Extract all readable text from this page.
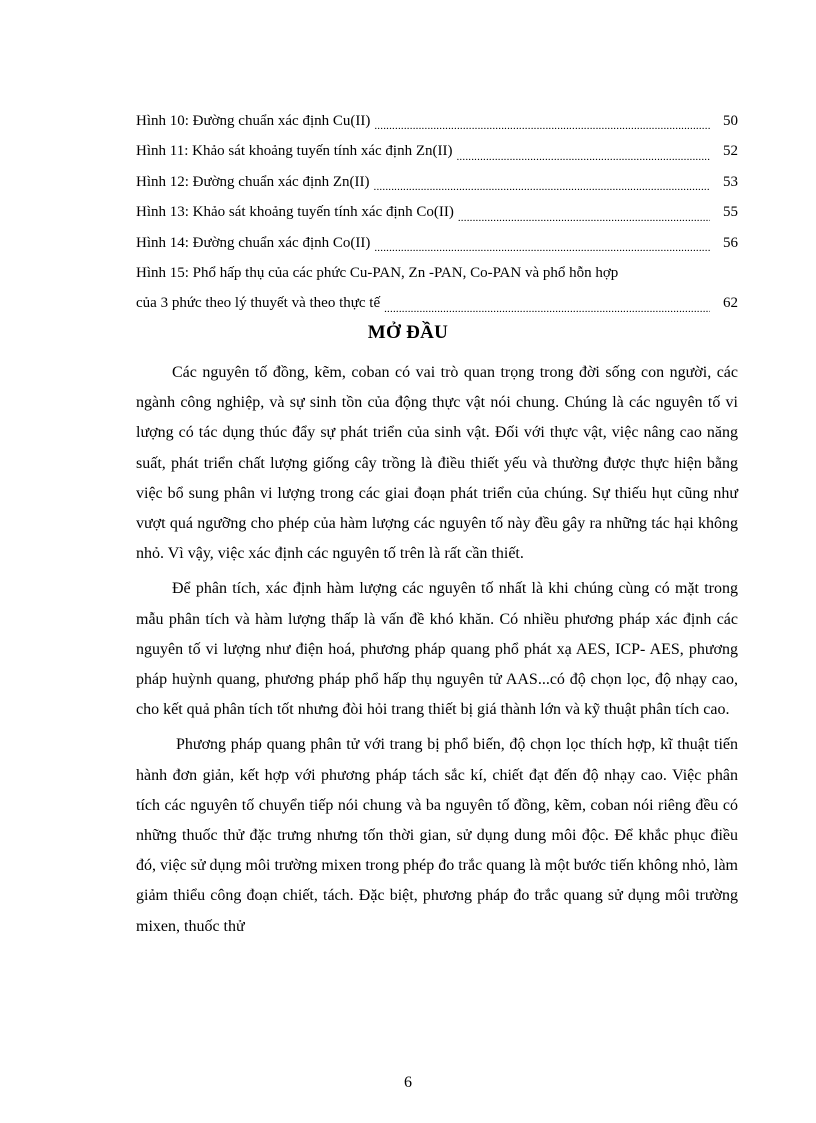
Hình 10: Đường chuẩn xác định Cu(II) .....	50
Hình 11: Khảo sát khoảng tuyến tính xác định Zn(II) .....	52
Hình 12: Đường chuẩn xác định Zn(II) .....	53
Hình 13: Khảo sát khoảng tuyến tính xác định Co(II) .....	55
Hình 14: Đường chuẩn xác định Co(II) .....	56
Hình 15: Phổ hấp thụ của các phức Cu-PAN, Zn -PAN, Co-PAN và phổ hỗn hợp
của 3 phức theo lý thuyết và theo thực tế .....	62
MỞ ĐẦU

Các nguyên tố đồng, kẽm, coban có vai trò quan trọng trong đời sống con người, các ngành công nghiệp, và sự sinh tồn của động thực vật nói chung. Chúng là các nguyên tố vi lượng có tác dụng thúc đẩy sự phát triển của sinh vật. Đối với thực vật, việc nâng cao năng suất, phát triển chất lượng giống cây trồng là điều thiết yếu và thường được thực hiện bằng việc bổ sung phân vi lượng trong các giai đoạn phát triển của chúng. Sự thiếu hụt cũng như vượt quá ngưỡng cho phép của hàm lượng các nguyên tố này đều gây ra những tác hại không nhỏ. Vì vậy, việc xác định các nguyên tố trên là rất cần thiết.

Để phân tích, xác định hàm lượng các nguyên tố nhất là khi chúng cùng có mặt trong mẫu phân tích và hàm lượng thấp là vấn đề khó khăn. Có nhiều phương pháp xác định các nguyên tố vi lượng như điện hoá, phương pháp quang phổ phát xạ AES, ICP- AES, phương pháp huỳnh quang, phương pháp phổ hấp thụ nguyên tử AAS...có độ chọn lọc, độ nhạy cao, cho kết quả phân tích tốt nhưng đòi hỏi trang thiết bị giá thành lớn và kỹ thuật phân tích cao.

Phương pháp quang phân tử với trang bị phổ biến, độ chọn lọc thích hợp, kĩ thuật tiến hành đơn giản, kết hợp với phương pháp tách sắc kí, chiết đạt đến độ nhạy cao. Việc phân tích các nguyên tố chuyển tiếp nói chung và ba nguyên tố đồng, kẽm, coban nói riêng đều có những thuốc thử đặc trưng nhưng tốn thời gian, sử dụng dung môi độc. Để khắc phục điều đó, việc sử dụng môi trường mixen trong phép đo trắc quang là một bước tiến không nhỏ, làm giảm thiểu công đoạn chiết, tách. Đặc biệt, phương pháp đo trắc quang sử dụng môi trường mixen, thuốc thử

6
